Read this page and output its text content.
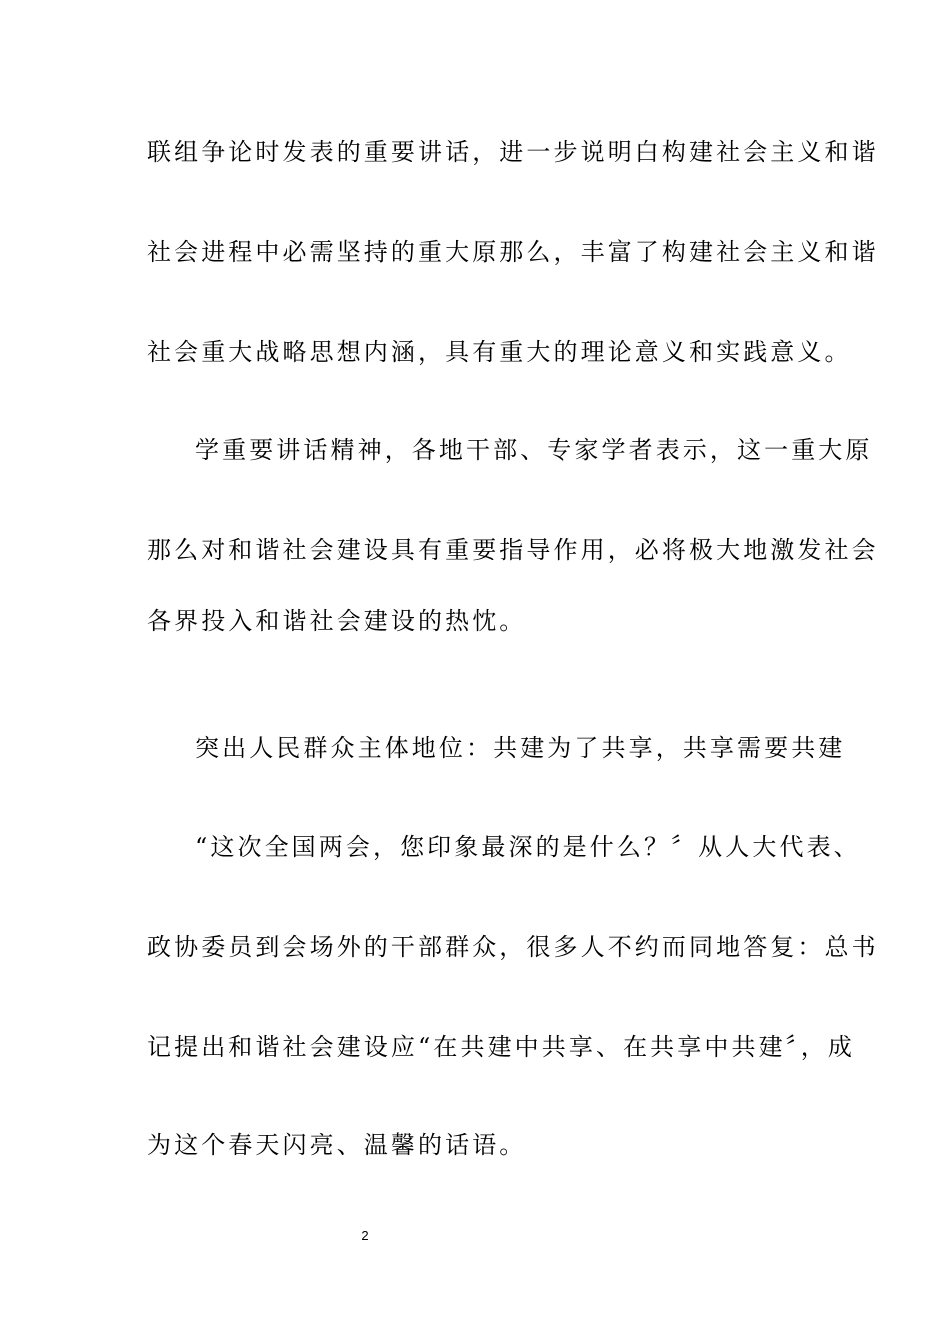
联组争论时发表的重要讲话，进一步说明白构建社会主义和谐
社会进程中必需坚持的重大原那么，丰富了构建社会主义和谐
社会重大战略思想内涵，具有重大的理论意义和实践意义。
学重要讲话精神，各地干部、专家学者表示，这一重大原
那么对和谐社会建设具有重要指导作用，必将极大地激发社会
各界投入和谐社会建设的热忱。
突出人民群众主体地位：共建为了共享，共享需要共建
“这次全国两会，您印象最深的是什么？〞从人大代表、
政协委员到会场外的干部群众，很多人不约而同地答复：总书
记提出和谐社会建设应“在共建中共享、在共享中共建〞，成
为这个春天闪亮、温馨的话语。
2
